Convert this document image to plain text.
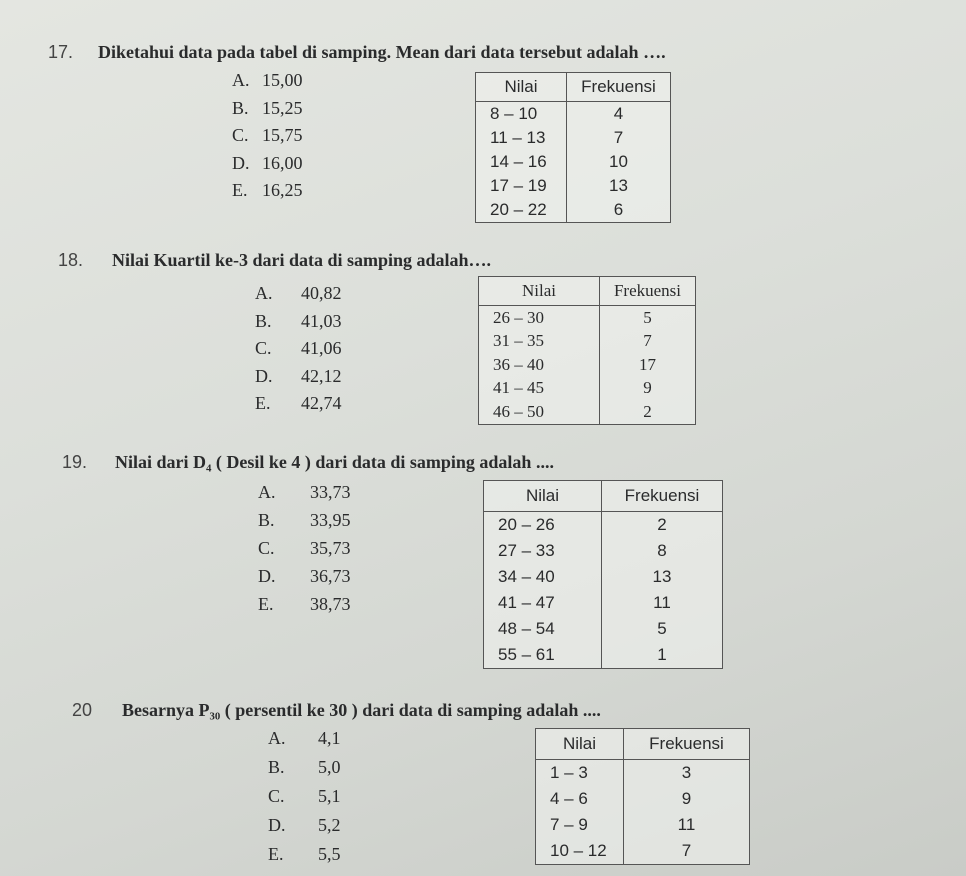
17. Diketahui data pada tabel di samping. Mean dari data tersebut adalah ….
A. 15,00
B. 15,25
C. 15,75
D. 16,00
E. 16,25
Nilai	Frekuensi
8 – 10	4
11 – 13	7
14 – 16	10
17 – 19	13
20 – 22	6
18. Nilai Kuartil ke-3 dari data di samping adalah….
A. 40,82
B. 41,03
C. 41,06
D. 42,12
E. 42,74
Nilai	Frekuensi
26 – 30	5
31 – 35	7
36 – 40	17
41 – 45	9
46 – 50	2
19. Nilai dari D₄ ( Desil ke 4 ) dari data di samping adalah ....
A. 33,73
B. 33,95
C. 35,73
D. 36,73
E. 38,73
Nilai	Frekuensi
20 – 26	2
27 – 33	8
34 – 40	13
41 – 47	11
48 – 54	5
55 – 61	1
20 Besarnya P₃₀ ( persentil ke 30 ) dari data di samping adalah ....
A. 4,1
B. 5,0
C. 5,1
D. 5,2
E. 5,5
Nilai	Frekuensi
1 – 3	3
4 – 6	9
7 – 9	11
10 – 12	7
